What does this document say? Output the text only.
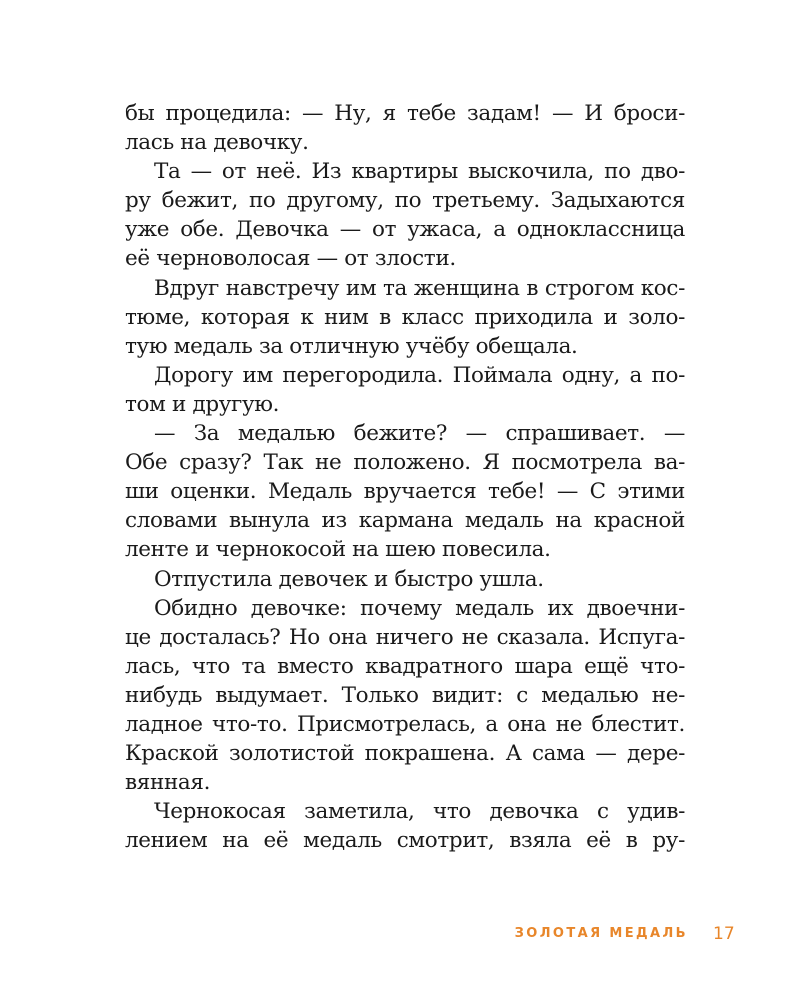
бы процедила: — Ну, я тебе задам! — И броси-
лась на девочку.
Та — от неё. Из квартиры выскочила, по дво-
ру бежит, по другому, по третьему. Задыхаются
уже обе. Девочка — от ужаса, а одноклассница
её черноволосая — от злости.
Вдруг навстречу им та женщина в строгом кос-
тюме, которая к ним в класс приходила и золо-
тую медаль за отличную учёбу обещала.
Дорогу им перегородила. Поймала одну, а по-
том и другую.
— За медалью бежите? — спрашивает. —
Обе сразу? Так не положено. Я посмотрела ва-
ши оценки. Медаль вручается тебе! — С этими
словами вынула из кармана медаль на красной
ленте и чернокосой на шею повесила.
Отпустила девочек и быстро ушла.
Обидно девочке: почему медаль их двоечни-
це досталась? Но она ничего не сказала. Испуга-
лась, что та вместо квадратного шара ещё что-
нибудь выдумает. Только видит: с медалью не-
ладное что-то. Присмотрелась, а она не блестит.
Краской золотистой покрашена. А сама — дере-
вянная.
Чернокосая заметила, что девочка с удив-
лением на её медаль смотрит, взяла её в ру-
ЗОЛОТАЯ МЕДАЛЬ 17
